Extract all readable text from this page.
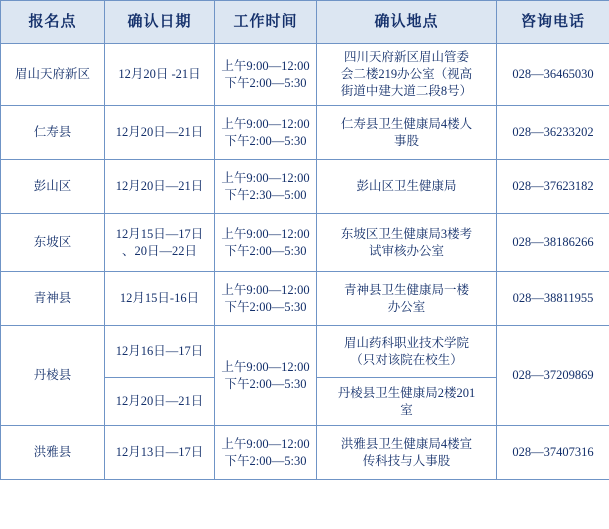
报名点	确认日期	工作时间	确认地点	咨询电话
眉山天府新区	12月20日 -21日	上午9:00—12:00
下午2:00—5:30	四川天府新区眉山管委
会二楼219办公室（视高
街道中建大道二段8号）	028—36465030
仁寿县	12月20日—21日	上午9:00—12:00
下午2:00—5:30	仁寿县卫生健康局4楼人
事股	028—36233202
彭山区	12月20日—21日	上午9:00—12:00
下午2:30—5:00	彭山区卫生健康局	028—37623182
东坡区	12月15日—17日
、20日—22日	上午9:00—12:00
下午2:00—5:30	东坡区卫生健康局3楼考
试审核办公室	028—38186266
青神县	12月15日-16日	上午9:00—12:00
下午2:00—5:30	青神县卫生健康局一楼
办公室	028—38811955
丹棱县	12月16日—17日	上午9:00—12:00
下午2:00—5:30	眉山药科职业技术学院
（只对该院在校生）	028—37209869

	12月20日—21日		丹棱县卫生健康局2楼201
室	

洪雅县	12月13日—17日	上午9:00—12:00
下午2:00—5:30	洪雅县卫生健康局4楼宣
传科技与人事股	028—37407316
